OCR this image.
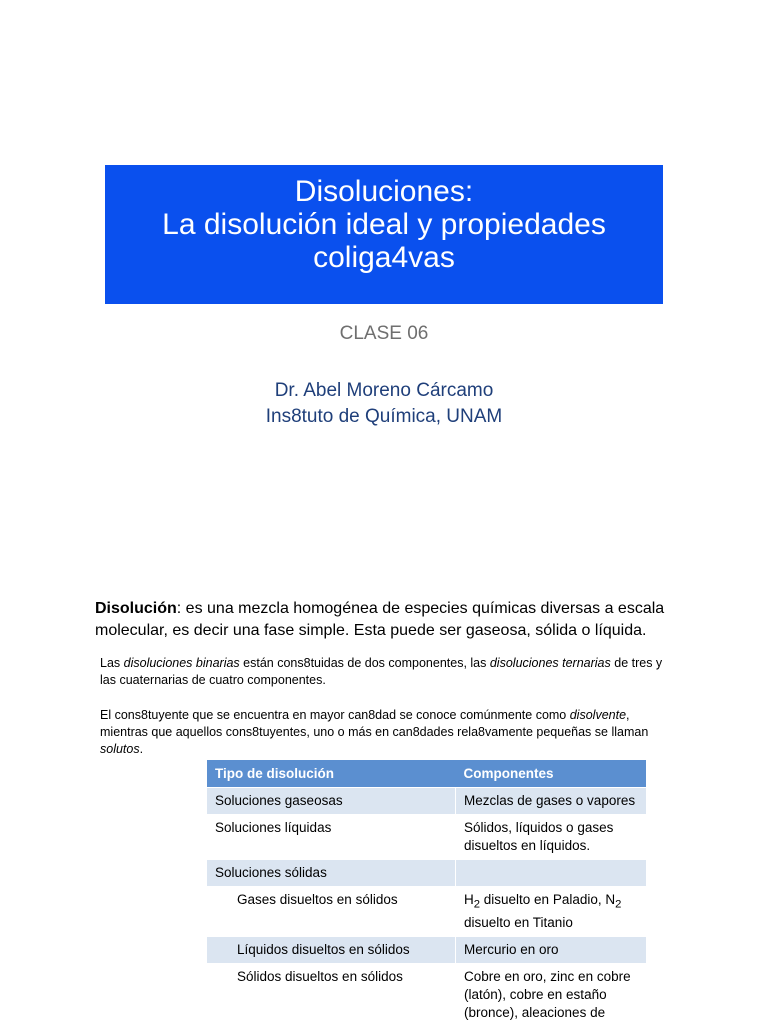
Disoluciones:
La disolución ideal y propiedades
coliga4vas
CLASE 06
Dr. Abel Moreno Cárcamo
Ins8tuto de Química, UNAM
Disolución: es una mezcla homogénea de especies químicas diversas a escala molecular, es decir una fase simple. Esta puede ser gaseosa, sólida o líquida.
Las disoluciones binarias están cons8tuidas de dos componentes, las disoluciones ternarias de tres y las cuaternarias de cuatro componentes.
El cons8tuyente que se encuentra en mayor can8dad se conoce comúnmente como disolvente, mientras que aquellos cons8tuyentes, uno o más en can8dades rela8vamente pequeñas se llaman solutos.
Tipo de disolución	Componentes
Soluciones gaseosas	Mezclas de gases o vapores
Soluciones líquidas	Sólidos, líquidos o gases disueltos en líquidos.
Soluciones sólidas	
Gases disueltos en sólidos	$H_2$ disuelto en Paladio, $N_2$ disuelto en Titanio
Líquidos disueltos en sólidos	Mercurio en oro
Sólidos disueltos en sólidos	Cobre en oro, zinc en cobre (latón), cobre en estaño (bronce), aleaciones de
